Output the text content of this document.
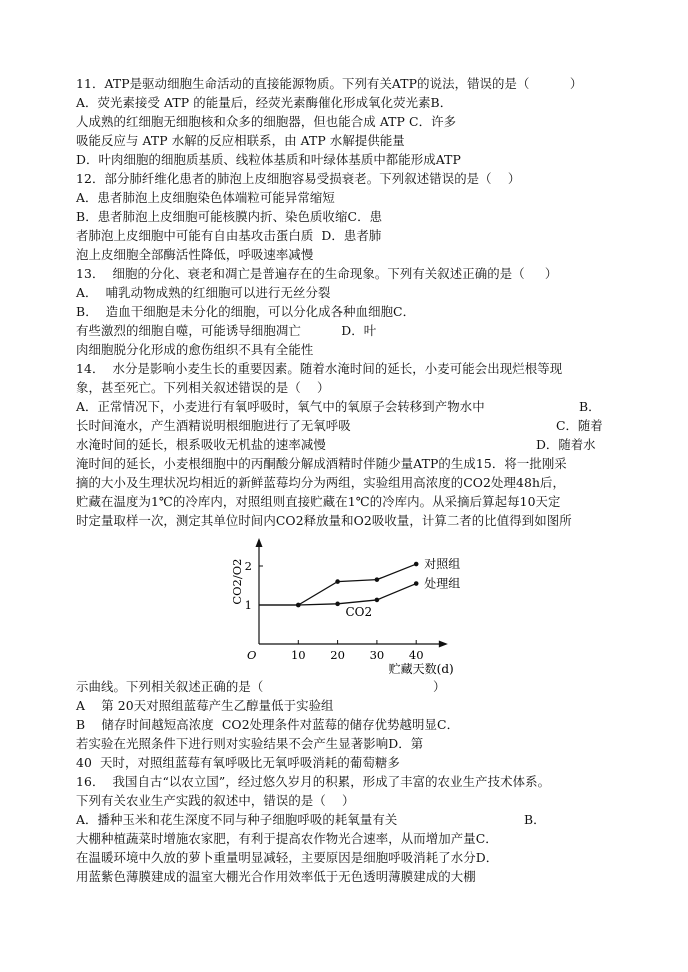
11．ATP是驱动细胞生命活动的直接能源物质。下列有关ATP的说法，错误的是（          ）
A．荧光素接受 ATP 的能量后，经荧光素酶催化形成氧化荧光素B．
人成熟的红细胞无细胞核和众多的细胞器，但也能合成 ATP C．许多
吸能反应与 ATP 水解的反应相联系，由 ATP 水解提供能量
D．叶肉细胞的细胞质基质、线粒体基质和叶绿体基质中都能形成ATP
12．部分肺纤维化患者的肺泡上皮细胞容易受损衰老。下列叙述错误的是（    ）
A．患者肺泡上皮细胞染色体端粒可能异常缩短
B．患者肺泡上皮细胞可能核膜内折、染色质收缩C．患
者肺泡上皮细胞中可能有自由基攻击蛋白质  D．患者肺
泡上皮细胞全部酶活性降低，呼吸速率减慢
13．  细胞的分化、衰老和凋亡是普遍存在的生命现象。下列有关叙述正确的是（     ）
A．  哺乳动物成熟的红细胞可以进行无丝分裂
B．  造血干细胞是未分化的细胞，可以分化成各种血细胞C．
有些激烈的细胞自噬，可能诱导细胞凋亡          D．叶
肉细胞脱分化形成的愈伤组织不具有全能性
14．  水分是影响小麦生长的重要因素。随着水淹时间的延长，小麦可能会出现烂根等现
象，甚至死亡。下列相关叙述错误的是（    ）
A．正常情况下，小麦进行有氧呼吸时，氧气中的氧原子会转移到产物水中	B．
长时间淹水，产生酒精说明根细胞进行了无氧呼吸	C．随着
水淹时间的延长，根系吸收无机盐的速率减慢	D．随着水
淹时间的延长，小麦根细胞中的丙酮酸分解成酒精时伴随少量ATP的生成15．将一批刚采
摘的大小及生理状况均相近的新鲜蓝莓均分为两组，实验组用高浓度的CO2处理48h后，
贮藏在温度为1℃的冷库内，对照组则直接贮藏在1℃的冷库内。从采摘后算起每10天定
时定量取样一次，测定其单位时间内CO2释放量和O2吸收量，计算二者的比值得到如图所
示曲线。下列相关叙述正确的是（                                          ）
A    第 20天对照组蓝莓产生乙醇量低于实验组
B    储存时间越短高浓度  CO2处理条件对蓝莓的储存优势越明显C．
若实验在光照条件下进行则对实验结果不会产生显著影响D．第
40  天时，对照组蓝莓有氧呼吸比无氧呼吸消耗的葡萄糖多
16．  我国自古“以农立国”，经过悠久岁月的积累，形成了丰富的农业生产技术体系。
下列有关农业生产实践的叙述中，错误的是（    ）
A．播种玉米和花生深度不同与种子细胞呼吸的耗氧量有关	B．
大棚种植蔬菜时增施农家肥，有利于提高农作物光合速率，从而增加产量C．
在温暖环境中久放的萝卜重量明显减轻，主要原因是细胞呼吸消耗了水分D．
用蓝紫色薄膜建成的温室大棚光合作用效率低于无色透明薄膜建成的大棚
10 20 30 40
1
2
O
CO2/O2
贮藏天数(d)
对照组
处理组
CO2
